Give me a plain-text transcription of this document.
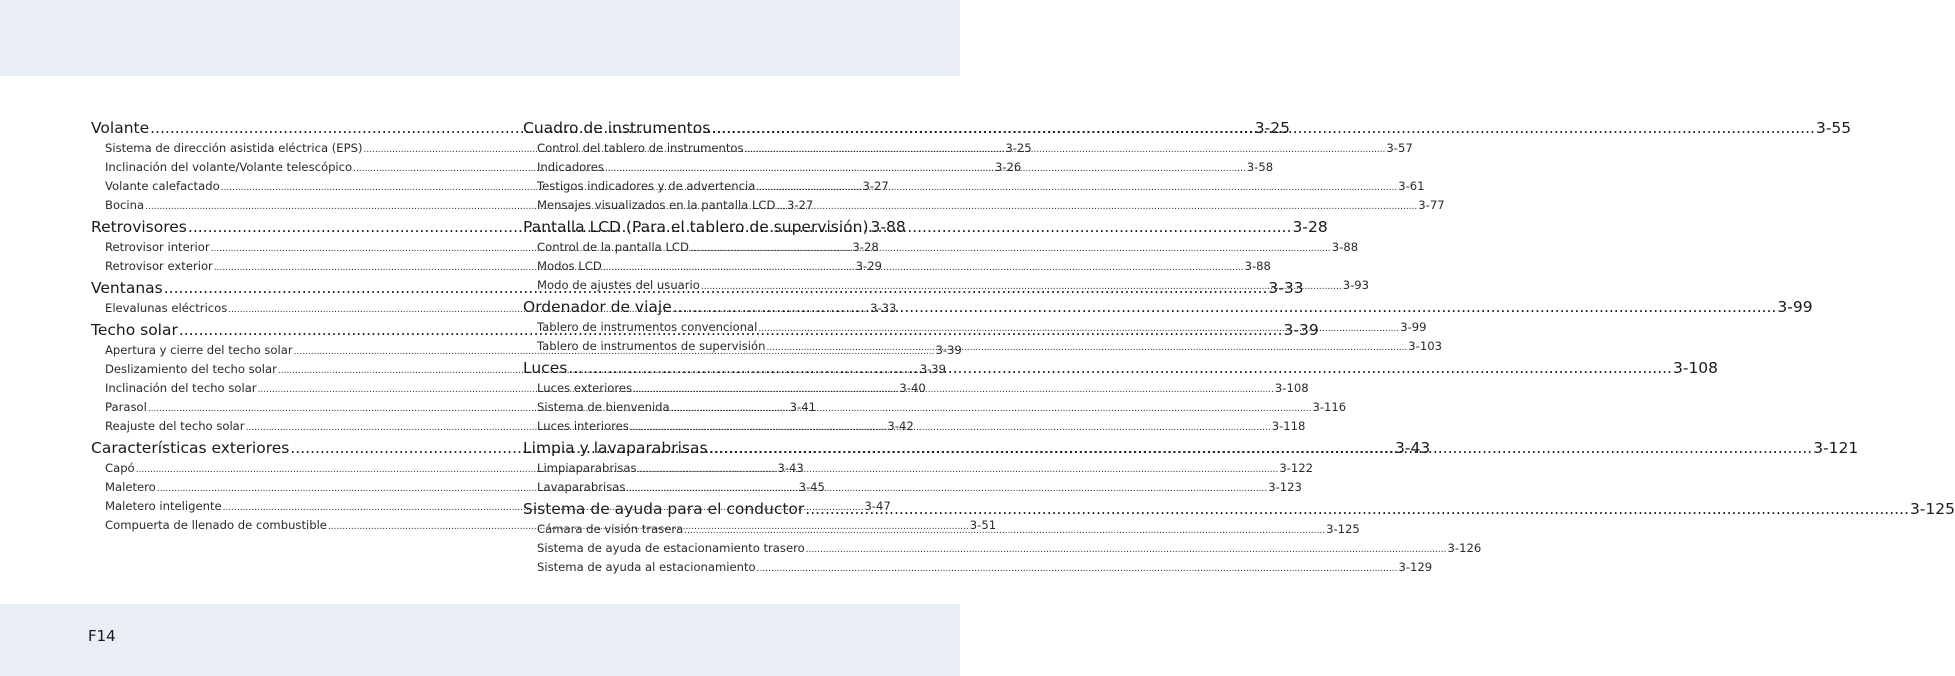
Volante .....	3-25
Sistema de dirección asistida eléctrica (EPS) .....	3-25
Inclinación del volante/Volante telescópico .....	3-26
Volante calefactado .....	3-27
Bocina .....	3-27
Retrovisores .....	3-28
Retrovisor interior .....	3-28
Retrovisor exterior .....	3-29
Ventanas .....	3-33
Elevalunas eléctricos .....	3-33
Techo solar .....	3-39
Apertura y cierre del techo solar .....	3-39
Deslizamiento del techo solar .....	3-39
Inclinación del techo solar .....	3-40
Parasol .....	3-41
Reajuste del techo solar .....	3-42
Características exteriores .....	3-43
Capó .....	3-43
Maletero .....	3-45
Maletero inteligente .....	3-47
Compuerta de llenado de combustible .....	3-51
Cuadro de instrumentos .....	3-55
Control del tablero de instrumentos .....	3-57
Indicadores .....	3-58
Testigos indicadores y de advertencia .....	3-61
Mensajes visualizados en la pantalla LCD .....	3-77
Pantalla LCD (Para el tablero de supervisión) 3-88
Control de la pantalla LCD .....	3-88
Modos LCD .....	3-88
Modo de ajustes del usuario .....	3-93
Ordenador de viaje .....	3-99
Tablero de instrumentos convencional .....	3-99
Tablero de instrumentos de supervisión .....	3-103
Luces .....	3-108
Luces exteriores .....	3-108
Sistema de bienvenida .....	3-116
Luces interiores .....	3-118
Limpia y lavaparabrisas .....	3-121
Limpiaparabrisas .....	3-122
Lavaparabrisas .....	3-123
Sistema de ayuda para el conductor .....	3-125
Cámara de visión trasera .....	3-125
Sistema de ayuda de estacionamiento trasero .....	3-126
Sistema de ayuda al estacionamiento .....	3-129
F14
